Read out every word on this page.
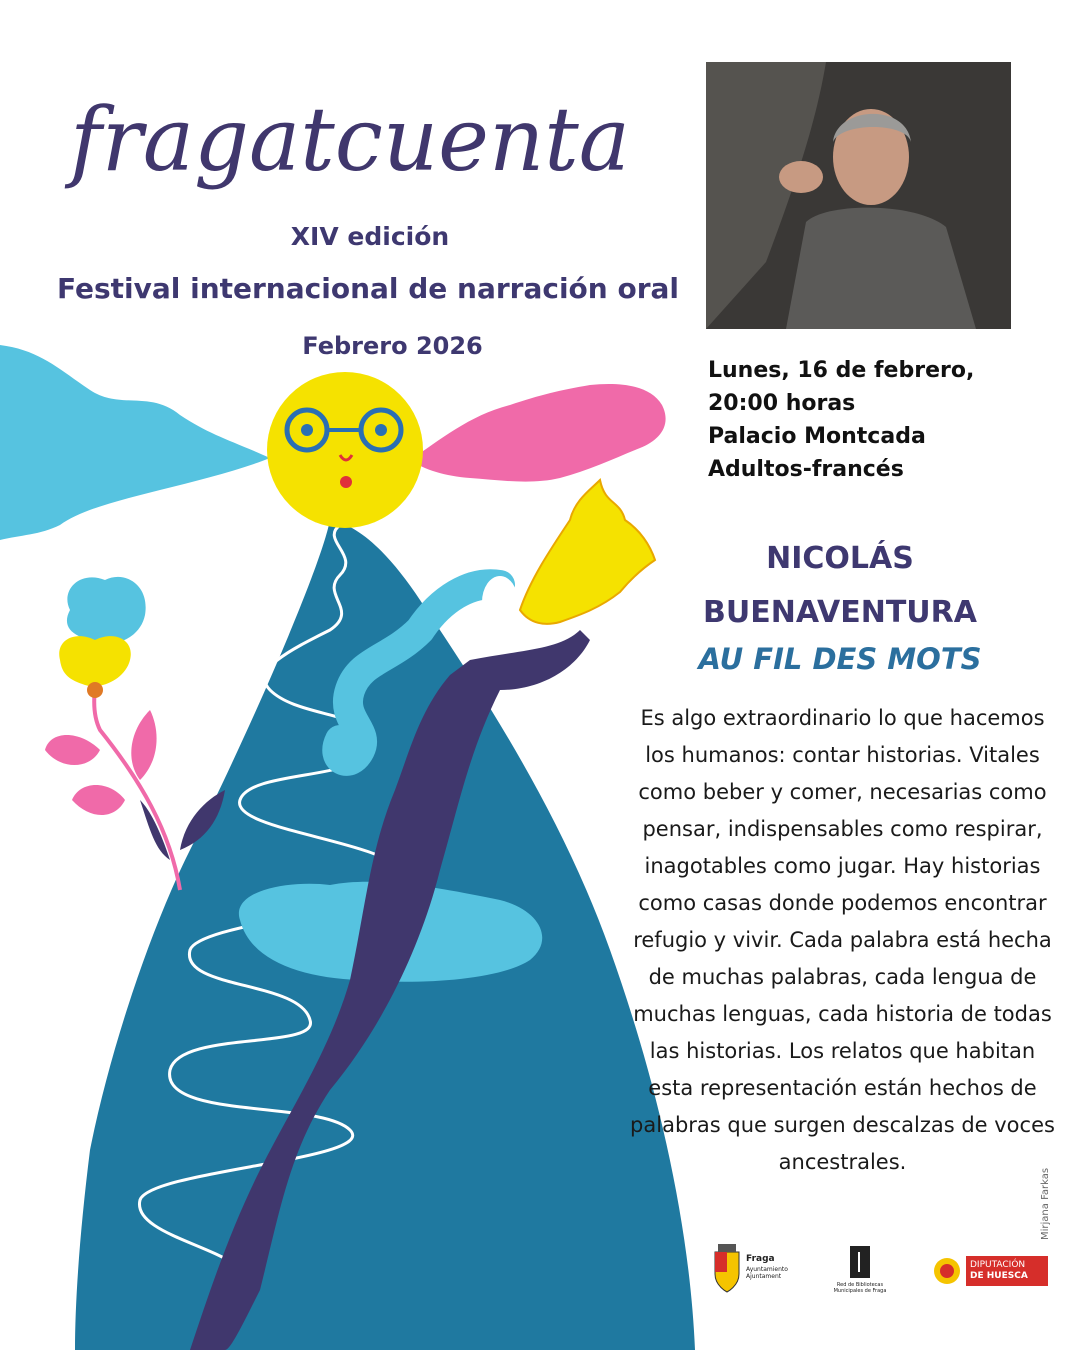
fragatcuenta
XIV edición
Festival internacional de narración oral
Febrero 2026
Lunes, 16 de febrero,
20:00 horas
Palacio Montcada
Adultos-francés
NICOLÁS
BUENAVENTURA
AU FIL DES MOTS
Es algo extraordinario lo que hacemos los humanos: contar historias. Vitales como beber y comer, necesarias como pensar, indispensables como respirar, inagotables como jugar. Hay historias como casas donde podemos encontrar refugio y vivir. Cada palabra está hecha de muchas palabras, cada lengua de muchas lenguas, cada historia de todas las historias. Los relatos que habitan esta representación están hechos de palabras que surgen descalzas de voces ancestrales.
Mirjana Farkas
Fraga
Ayuntamiento Ajuntament
Red de Bibliotecas Municipales de Fraga
DIPUTACIÓN
DE HUESCA
